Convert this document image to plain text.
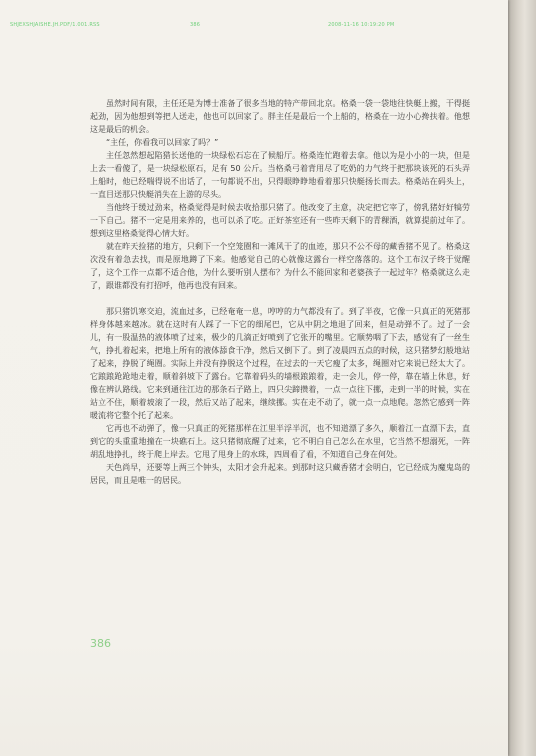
SHJEXSHJAISHE.JH.PDF/1.001.RSS	386	2008-11-16 10:19:20 PM

虽然时间有限，主任还是为博士准备了很多当地的特产带回北京。格桑一袋一袋地往快艇上搬，干得挺起劲，因为他想到等把人送走，他也可以回家了。胖主任是最后一个上船的，格桑在一边小心搀扶着。他想这是最后的机会。

“主任，你看我可以回家了吗？”

主任忽然想起陷猎长送他的一块绿松石忘在了候船厅。格桑连忙跑着去拿。他以为是小小的一块，但是上去一看傻了，是一块绿松原石，足有 50 公斤。当格桑弓着背用尽了吃奶的力气终于把那块该死的石头弄上船时，他已经喘得说不出话了，一句都说不出，只得眼睁睁地看着那只快艇扬长而去。格桑站在码头上，一直目送那只快艇消失在上游的尽头。

当他终于缓过劲来，格桑觉得是时候去收拾那只猪了。他改变了主意，决定把它宰了，傍乳猪好好犒劳一下自己。猪不一定是用来养的，也可以杀了吃。正好茶室还有一些昨天剩下的青稞酒，就算提前过年了。想到这里格桑觉得心情大好。

就在昨天捡猪的地方，只剩下一个空笼圈和一滩风干了的血迹，那只不公不母的藏香猪不见了。格桑这次没有着急去找，而是原地蹲了下来。他感觉自己的心就像这露台一样空落落的。这个工布汉子终于觉醒了，这个工作一点都不适合他，为什么要听别人摆布？为什么不能回家和老婆孩子一起过年？格桑就这么走了，跟谁都没有打招呼，他再也没有回来。

那只猪饥寒交迫，流血过多，已经奄奄一息，哼哼的力气都没有了。到了半夜，它像一只真正的死猪那样身体越来越冰。就在这时有人踩了一下它的细尾巴，它从中阴之地退了回来，但是动弹不了。过了一会儿，有一股温热的液体喷了过来，极少的几滴正好喷到了它张开的嘴里。它顺势咽了下去，感觉有了一丝生气，挣扎着起来，把地上所有的液体舔食干净，然后又倒下了。到了凌晨四五点的时候，这只猪梦幻般地站了起来，挣脱了绳圈。实际上并没有挣脱这个过程，在过去的一天它瘦了太多，绳圈对它来说已经太大了。它踉踉跄跄地走着，顺着斜坡下了露台。它靠着码头的墙根踉踉着，走一会儿，停一停，靠在墙上休息，好像在辨认路线。它来到通往江边的那条石子路上，四只尖蹄攒着，一点一点往下挪，走到一半的时候，实在站立不住，顺着坡滚了一段，然后又站了起来，继续挪。实在走不动了，就一点一点地爬。忽然它感到一阵暖流将它整个托了起来。

它再也不动弹了，像一只真正的死猪那样在江里半浮半沉，也不知道漂了多久，顺着江一直漂下去，直到它的头重重地撞在一块礁石上。这只猪彻底醒了过来，它不明白自己怎么在水里，它当然不想溺死，一阵胡乱地挣扎，终于爬上岸去。它甩了甩身上的水珠，四周看了看，不知道自己身在何处。

天色尚早，还要等上两三个钟头，太阳才会升起来。到那时这只藏香猪才会明白，它已经成为魔鬼岛的居民，而且是唯一的居民。

386
